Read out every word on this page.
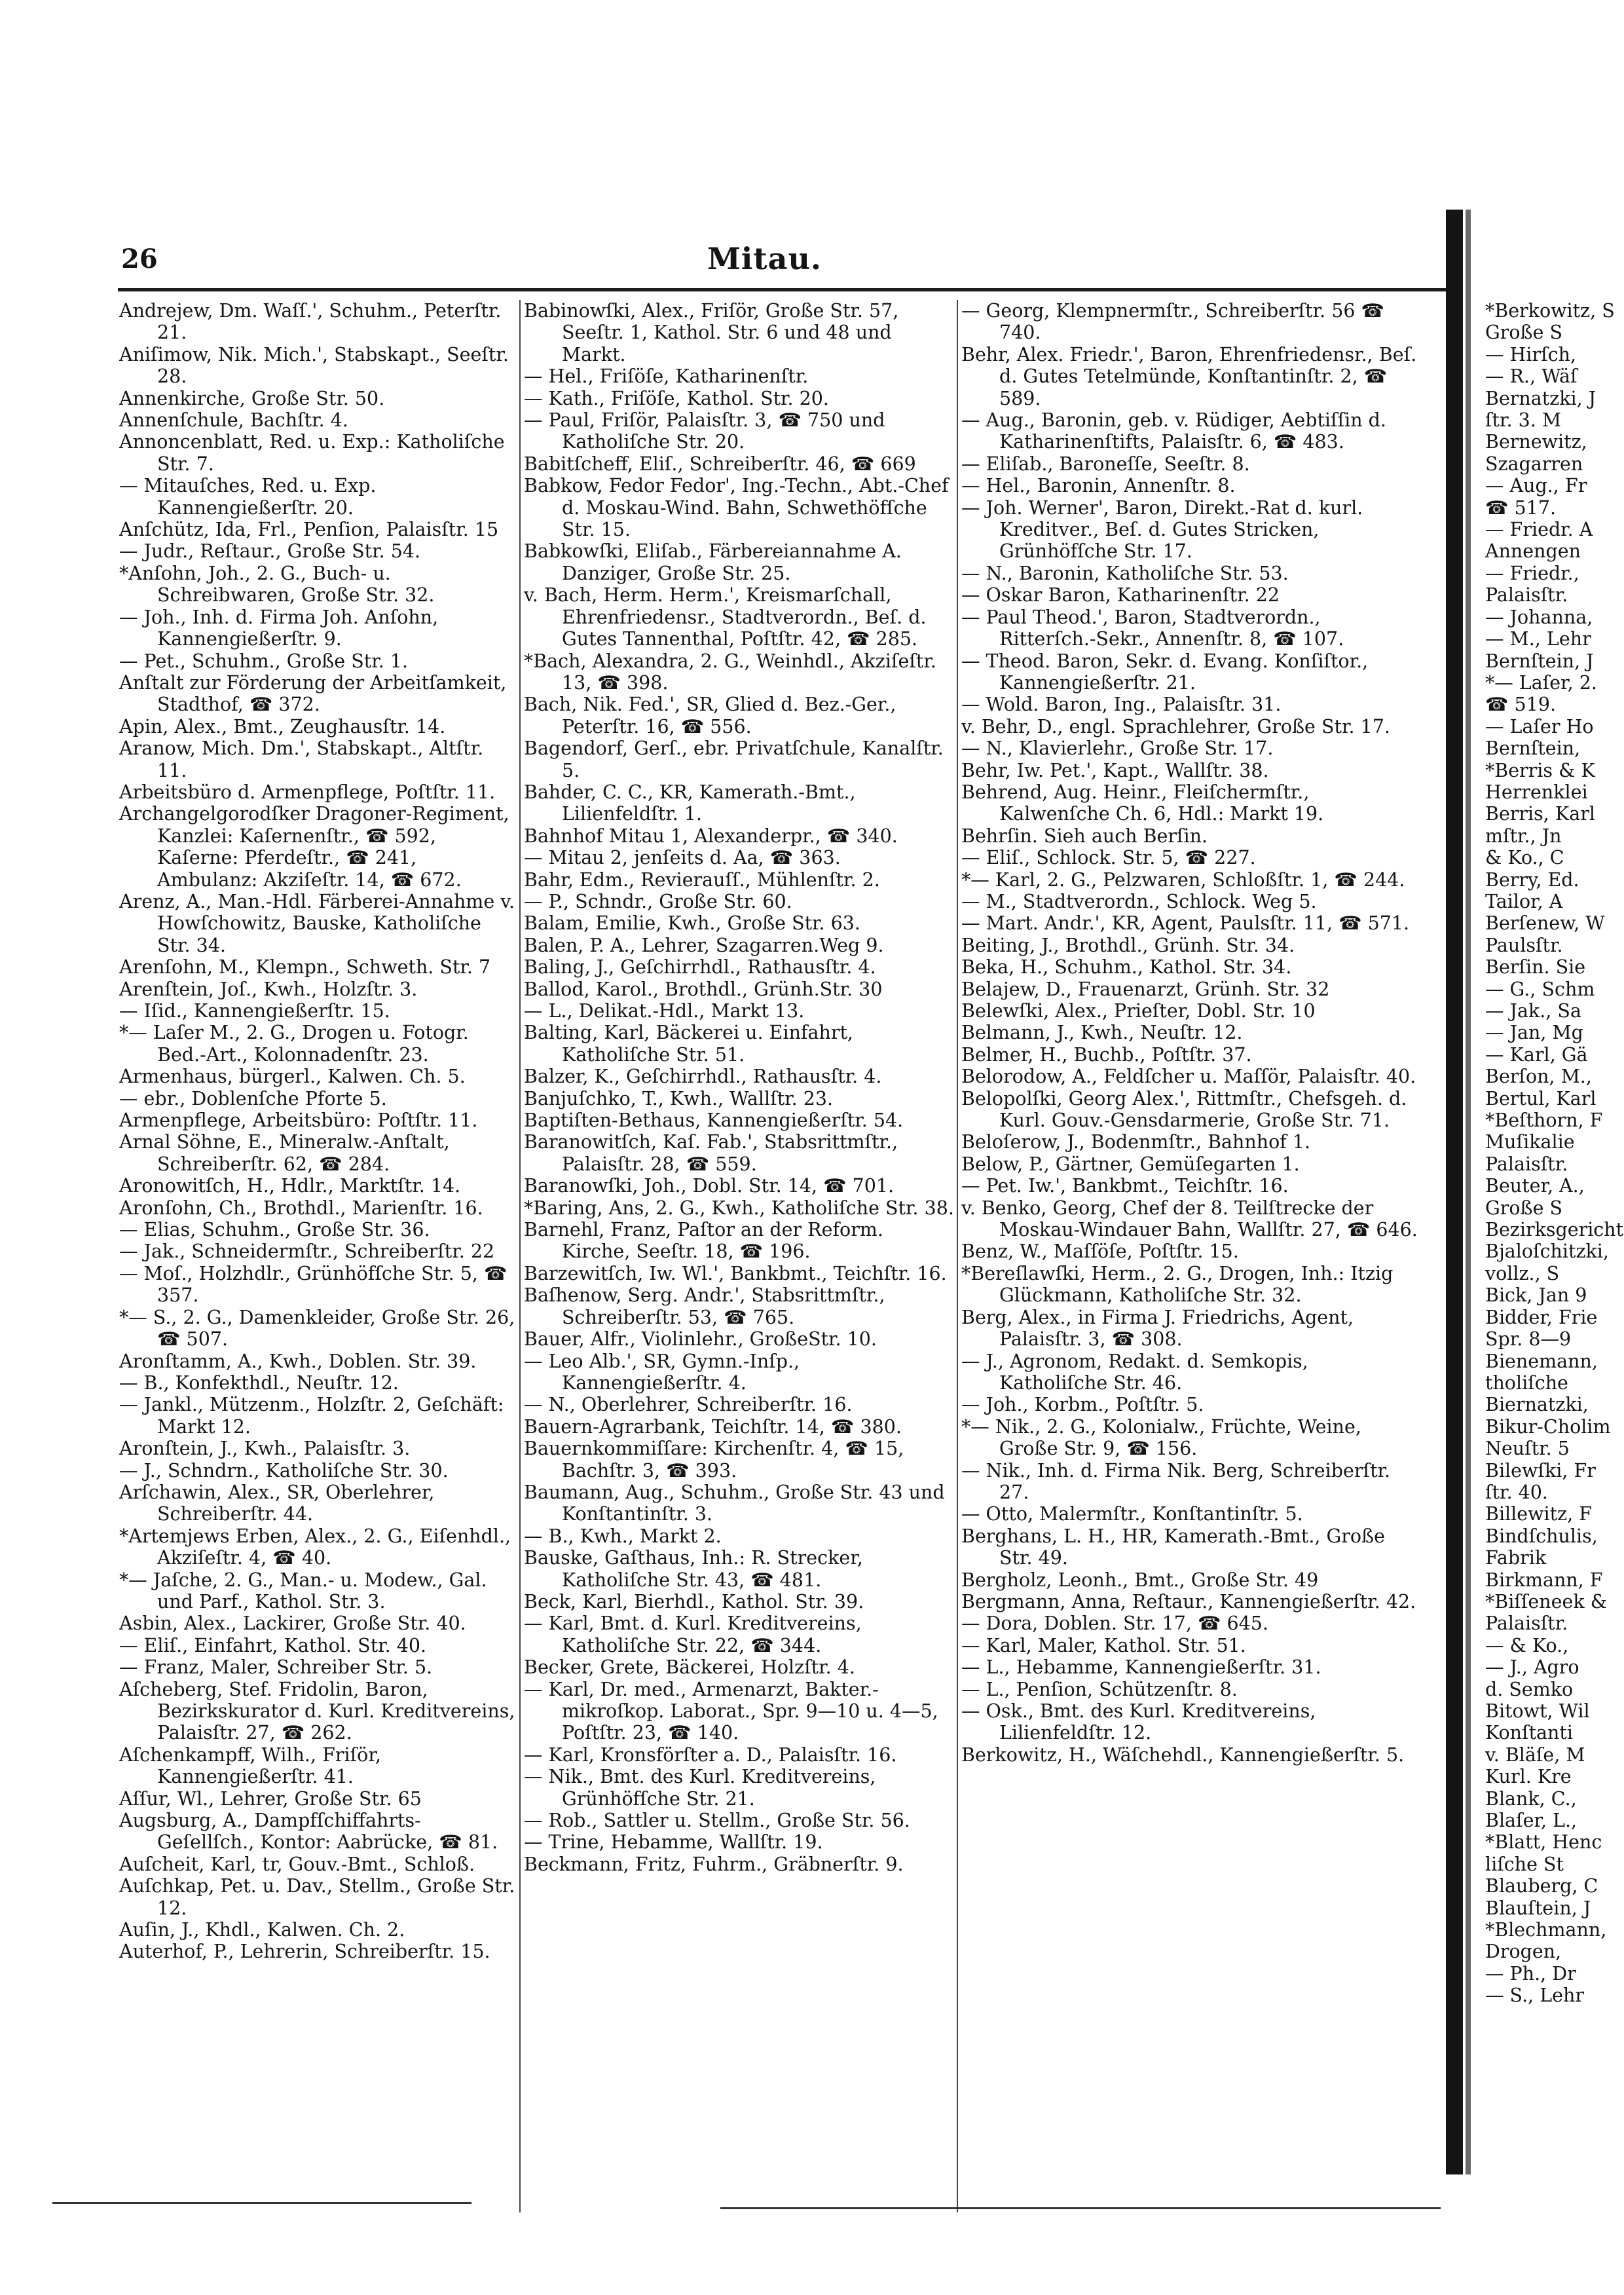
26	Mitau.

Andrejew, Dm. Waſſ.', Schuhm., Peterſtr. 21.

Aniſimow, Nik. Mich.', Stabskapt., Seeſtr. 28.

Annenkirche, Große Str. 50.

Annenſchule, Bachſtr. 4.

Annoncenblatt, Red. u. Exp.: Katholiſche Str. 7.

— Mitauſches, Red. u. Exp. Kannengießerſtr. 20.

Anſchütz, Ida, Frl., Penſion, Palaisſtr. 15

— Judr., Reſtaur., Große Str. 54.

*Anſohn, Joh., 2. G., Buch- u. Schreibwaren, Große Str. 32.

— Joh., Inh. d. Firma Joh. Anſohn, Kannengießerſtr. 9.

— Pet., Schuhm., Große Str. 1.

Anſtalt zur Förderung der Arbeitſamkeit, Stadthof, ☎ 372.

Apin, Alex., Bmt., Zeughausſtr. 14.

Aranow, Mich. Dm.', Stabskapt., Altſtr. 11.

Arbeitsbüro d. Armenpflege, Poſtſtr. 11.

Archangelgorodſker Dragoner-Regiment, Kanzlei: Kaſernenſtr., ☎ 592, Kaſerne: Pferdeſtr., ☎ 241, Ambulanz: Akziſeſtr. 14, ☎ 672.

Arenz, A., Man.-Hdl. Färberei-Annahme v. Howſchowitz, Bauske, Katholiſche Str. 34.

Arenſohn, M., Klempn., Schweth. Str. 7

Arenſtein, Joſ., Kwh., Holzſtr. 3.

— Iſid., Kannengießerſtr. 15.

*— Laſer M., 2. G., Drogen u. Fotogr. Bed.-Art., Kolonnadenſtr. 23.

Armenhaus, bürgerl., Kalwen. Ch. 5.

— ebr., Doblenſche Pforte 5.

Armenpflege, Arbeitsbüro: Poſtſtr. 11.

Arnal Söhne, E., Mineralw.-Anſtalt, Schreiberſtr. 62, ☎ 284.

Aronowitſch, H., Hdlr., Marktſtr. 14.

Aronſohn, Ch., Brothdl., Marienſtr. 16.

— Elias, Schuhm., Große Str. 36.

— Jak., Schneidermſtr., Schreiberſtr. 22

— Moſ., Holzhdlr., Grünhöfſche Str. 5, ☎ 357.

*— S., 2. G., Damenkleider, Große Str. 26, ☎ 507.

Aronſtamm, A., Kwh., Doblen. Str. 39.

— B., Konfekthdl., Neuſtr. 12.

— Jankl., Mützenm., Holzſtr. 2, Geſchäft: Markt 12.

Aronſtein, J., Kwh., Palaisſtr. 3.

— J., Schndrn., Katholiſche Str. 30.

Arſchawin, Alex., SR, Oberlehrer, Schreiberſtr. 44.

*Artemjews Erben, Alex., 2. G., Eiſenhdl., Akziſeſtr. 4, ☎ 40.

*— Jaſche, 2. G., Man.- u. Modew., Gal. und Parf., Kathol. Str. 3.

Asbin, Alex., Lackirer, Große Str. 40.

— Eliſ., Einfahrt, Kathol. Str. 40.

— Franz, Maler, Schreiber Str. 5.

Aſcheberg, Stef. Fridolin, Baron, Bezirkskurator d. Kurl. Kreditvereins, Palaisſtr. 27, ☎ 262.

Aſchenkampff, Wilh., Friſör, Kannengießerſtr. 41.

Aſſur, Wl., Lehrer, Große Str. 65

Augsburg, A., Dampfſchiffahrts-Geſellſch., Kontor: Aabrücke, ☎ 81.

Auſcheit, Karl, tr, Gouv.-Bmt., Schloß.

Auſchkap, Pet. u. Dav., Stellm., Große Str. 12.

Auſin, J., Khdl., Kalwen. Ch. 2.

Auterhof, P., Lehrerin, Schreiberſtr. 15.

Babinowſki, Alex., Friſör, Große Str. 57, Seeſtr. 1, Kathol. Str. 6 und 48 und Markt.

— Hel., Friſöſe, Katharinenſtr.

— Kath., Friſöſe, Kathol. Str. 20.

— Paul, Friſör, Palaisſtr. 3, ☎ 750 und Katholiſche Str. 20.

Babitſcheff, Eliſ., Schreiberſtr. 46, ☎ 669

Babkow, Fedor Fedor', Ing.-Techn., Abt.-Chef d. Moskau-Wind. Bahn, Schwethöfſche Str. 15.

Babkowſki, Eliſab., Färbereiannahme A. Danziger, Große Str. 25.

v. Bach, Herm. Herm.', Kreismarſchall, Ehrenfriedensr., Stadtverordn., Beſ. d. Gutes Tannenthal, Poſtſtr. 42, ☎ 285.

*Bach, Alexandra, 2. G., Weinhdl., Akziſeſtr. 13, ☎ 398.

Bach, Nik. Fed.', SR, Glied d. Bez.-Ger., Peterſtr. 16, ☎ 556.

Bagendorf, Gerſ., ebr. Privatſchule, Kanalſtr. 5.

Bahder, C. C., KR, Kamerath.-Bmt., Lilienfeldſtr. 1.

Bahnhof Mitau 1, Alexanderpr., ☎ 340.

— Mitau 2, jenſeits d. Aa, ☎ 363.

Bahr, Edm., Revierauſſ., Mühlenſtr. 2.

— P., Schndr., Große Str. 60.

Balam, Emilie, Kwh., Große Str. 63.

Balen, P. A., Lehrer, Szagarren.Weg 9.

Baling, J., Geſchirrhdl., Rathausſtr. 4.

Ballod, Karol., Brothdl., Grünh.Str. 30

— L., Delikat.-Hdl., Markt 13.

Balting, Karl, Bäckerei u. Einfahrt, Katholiſche Str. 51.

Balzer, K., Geſchirrhdl., Rathausſtr. 4.

Banjuſchko, T., Kwh., Wallſtr. 23.

Baptiſten-Bethaus, Kannengießerſtr. 54.

Baranowitſch, Kaſ. Fab.', Stabsrittmſtr., Palaisſtr. 28, ☎ 559.

Baranowſki, Joh., Dobl. Str. 14, ☎ 701.

*Baring, Ans, 2. G., Kwh., Katholiſche Str. 38.

Barnehl, Franz, Paſtor an der Reform. Kirche, Seeſtr. 18, ☎ 196.

Barzewitſch, Iw. Wl.', Bankbmt., Teichſtr. 16.

Baſhenow, Serg. Andr.', Stabsrittmſtr., Schreiberſtr. 53, ☎ 765.

Bauer, Alfr., Violinlehr., GroßeStr. 10.

— Leo Alb.', SR, Gymn.-Inſp., Kannengießerſtr. 4.

— N., Oberlehrer, Schreiberſtr. 16.

Bauern-Agrarbank, Teichſtr. 14, ☎ 380.

Bauernkommiſſare: Kirchenſtr. 4, ☎ 15, Bachſtr. 3, ☎ 393.

Baumann, Aug., Schuhm., Große Str. 43 und Konſtantinſtr. 3.

— B., Kwh., Markt 2.

Bauske, Gaſthaus, Inh.: R. Strecker, Katholiſche Str. 43, ☎ 481.

Beck, Karl, Bierhdl., Kathol. Str. 39.

— Karl, Bmt. d. Kurl. Kreditvereins, Katholiſche Str. 22, ☎ 344.

Becker, Grete, Bäckerei, Holzſtr. 4.

— Karl, Dr. med., Armenarzt, Bakter.-mikroſkop. Laborat., Spr. 9—10 u. 4—5, Poſtſtr. 23, ☎ 140.

— Karl, Kronsförſter a. D., Palaisſtr. 16.

— Nik., Bmt. des Kurl. Kreditvereins, Grünhöfſche Str. 21.

— Rob., Sattler u. Stellm., Große Str. 56.

— Trine, Hebamme, Wallſtr. 19.

Beckmann, Fritz, Fuhrm., Gräbnerſtr. 9.

— Georg, Klempnermſtr., Schreiberſtr. 56 ☎ 740.

Behr, Alex. Friedr.', Baron, Ehrenfriedensr., Beſ. d. Gutes Tetelmünde, Konſtantinſtr. 2, ☎ 589.

— Aug., Baronin, geb. v. Rüdiger, Aebtiſſin d. Katharinenſtifts, Palaisſtr. 6, ☎ 483.

— Eliſab., Baroneſſe, Seeſtr. 8.

— Hel., Baronin, Annenſtr. 8.

— Joh. Werner', Baron, Direkt.-Rat d. kurl. Kreditver., Beſ. d. Gutes Stricken, Grünhöfſche Str. 17.

— N., Baronin, Katholiſche Str. 53.

— Oskar Baron, Katharinenſtr. 22

— Paul Theod.', Baron, Stadtverordn., Ritterſch.-Sekr., Annenſtr. 8, ☎ 107.

— Theod. Baron, Sekr. d. Evang. Konſiſtor., Kannengießerſtr. 21.

— Wold. Baron, Ing., Palaisſtr. 31.

v. Behr, D., engl. Sprachlehrer, Große Str. 17.

— N., Klavierlehr., Große Str. 17.

Behr, Iw. Pet.', Kapt., Wallſtr. 38.

Behrend, Aug. Heinr., Fleiſchermſtr., Kalwenſche Ch. 6, Hdl.: Markt 19.

Behrſin. Sieh auch Berſin.

— Eliſ., Schlock. Str. 5, ☎ 227.

*— Karl, 2. G., Pelzwaren, Schloßſtr. 1, ☎ 244.

— M., Stadtverordn., Schlock. Weg 5.

— Mart. Andr.', KR, Agent, Paulsſtr. 11, ☎ 571.

Beiting, J., Brothdl., Grünh. Str. 34.

Beka, H., Schuhm., Kathol. Str. 34.

Belajew, D., Frauenarzt, Grünh. Str. 32

Belewſki, Alex., Prieſter, Dobl. Str. 10

Belmann, J., Kwh., Neuſtr. 12.

Belmer, H., Buchb., Poſtſtr. 37.

Belorodow, A., Feldſcher u. Maſſör, Palaisſtr. 40.

Belopolſki, Georg Alex.', Rittmſtr., Chefsgeh. d. Kurl. Gouv.-Gensdarmerie, Große Str. 71.

Beloſerow, J., Bodenmſtr., Bahnhof 1.

Below, P., Gärtner, Gemüſegarten 1.

— Pet. Iw.', Bankbmt., Teichſtr. 16.

v. Benko, Georg, Chef der 8. Teilſtrecke der Moskau-Windauer Bahn, Wallſtr. 27, ☎ 646.

Benz, W., Maſſöſe, Poſtſtr. 15.

*Bereſlawſki, Herm., 2. G., Drogen, Inh.: Itzig Glückmann, Katholiſche Str. 32.

Berg, Alex., in Firma J. Friedrichs, Agent, Palaisſtr. 3, ☎ 308.

— J., Agronom, Redakt. d. Semkopis, Katholiſche Str. 46.

— Joh., Korbm., Poſtſtr. 5.

*— Nik., 2. G., Kolonialw., Früchte, Weine, Große Str. 9, ☎ 156.

— Nik., Inh. d. Firma Nik. Berg, Schreiberſtr. 27.

— Otto, Malermſtr., Konſtantinſtr. 5.

Berghans, L. H., HR, Kamerath.-Bmt., Große Str. 49.

Bergholz, Leonh., Bmt., Große Str. 49

Bergmann, Anna, Reſtaur., Kannengießerſtr. 42.

— Dora, Doblen. Str. 17, ☎ 645.

— Karl, Maler, Kathol. Str. 51.

— L., Hebamme, Kannengießerſtr. 31.

— L., Penſion, Schützenſtr. 8.

— Osk., Bmt. des Kurl. Kreditvereins, Lilienfeldſtr. 12.

Berkowitz, H., Wäſchehdl., Kannengießerſtr. 5.

*Berkowitz, S

Große S

— Hirſch,

— R., Wäſ

Bernatzki, J

ſtr. 3. M

Bernewitz,

Szagarren

— Aug., Fr

☎ 517.

— Friedr. A

Annengen

— Friedr.,

Palaisſtr.

— Johanna,

— M., Lehr

Bernſtein, J

*— Laſer, 2.

☎ 519.

— Laſer Ho

Bernſtein,

*Berris & K

Herrenklei

Berris, Karl

mſtr., Jn

& Ko., C

Berry, Ed.

Tailor, A

Berſenew, W

Paulsſtr.

Berſin. Sie

— G., Schm

— Jak., Sa

— Jan, Mg

— Karl, Gä

Berſon, M.,

Bertul, Karl

*Beſthorn, F

Muſikalie

Palaisſtr.

Beuter, A.,

Große S

Bezirksgericht

Bjaloſchitzki,

vollz., S

Bick, Jan 9

Bidder, Frie

Spr. 8—9

Bienemann,

tholiſche

Biernatzki,

Bikur-Cholim

Neuſtr. 5

Bilewſki, Fr

ſtr. 40.

Billewitz, F

Bindſchulis,

Fabrik

Birkmann, F

*Biſſeneek &

Palaisſtr.

— & Ko.,

— J., Agro

d. Semko

Bitowt, Wil

Konſtanti

v. Bläſe, M

Kurl. Kre

Blank, C.,

Blaſer, L.,

*Blatt, Henc

liſche St

Blauberg, C

Blauſtein, J

*Blechmann,

Drogen,

— Ph., Dr

— S., Lehr
